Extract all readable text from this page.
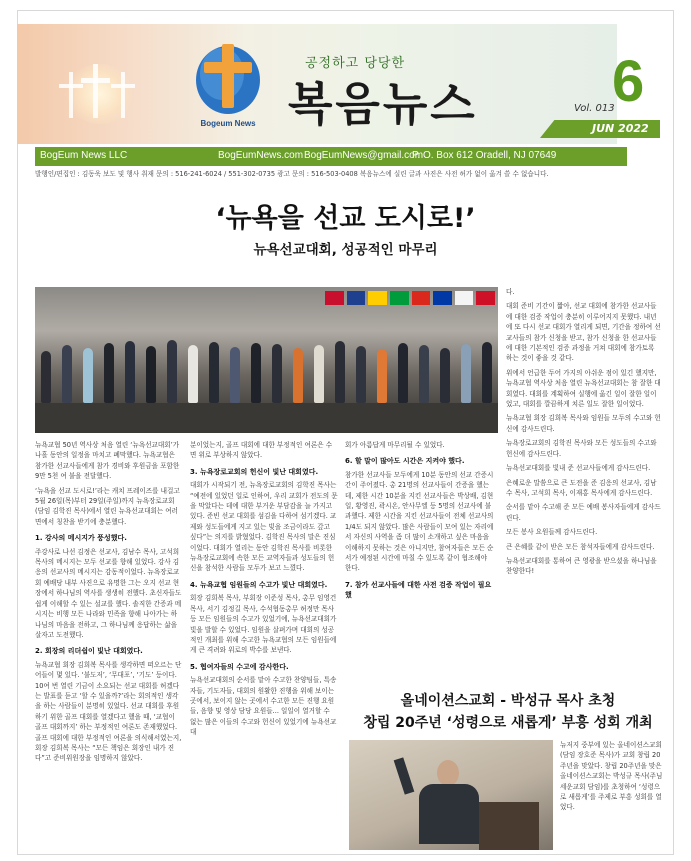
Bogeum News
공정하고 당당한
복음뉴스	Vol. 013
6
JUN 2022
BogEum News LLC	BogEumNews.com BogEumNews@gmail.com
P. O. Box 612 Oradell, NJ 07649
발행인/편집인 : 김동욱 보도 및 행사 취재 문의 : 516-241-6024 / 551-302-0735 광고 문의 : 516-503-0408 복음뉴스에 실린 글과 사진은 사전 허가 없이 옮겨 쓸 수 없습니다.
‘뉴욕을 선교 도시로!’
뉴욕선교대회, 성공적인 마무리

뉴욕교협 50년 역사상 처음 열린 ‘뉴욕선교대회’가 나흘 동안의 일정을 마치고 폐막했다. 뉴욕교협은 참가한 선교사들에게 참가 경비와 후원금을 포함한 9만 5천 여 불을 전달했다.

‘뉴욕을 선교 도시로!’라는 캐치 프레이즈를 내걸고 5월 26일(목)부터 29일(주일)까지 뉴욕장로교회(담임 김학진 목사)에서 열린 뉴욕선교대회는 여러 면에서 칭찬을 받기에 충분했다.

1. 강사의 메시지가 풍성했다.

주강사로 나선 김정은 선교사, 김남수 목사, 고석희 목사의 메시지는 모두 선교를 향해 있었다. 강사 김응의 선교사의 메시지는 감동적이었다. 뉴욕장로교회 예배당 내부 사진으로 유명한 그는 오지 선교 현장에서 하나님의 역사를 생생히 전했다. 초신자들도 쉽게 이해할 수 있는 설교를 했다. 솔직한 간증과 메시지는 비행 모든 나라와 민족을 향해 나아가는 하나님의 마음을 전하고, 그 하나님께 응답하는 삶을 살자고 도전했다.

2. 회장의 리더쉽이 빛난 대회였다.

뉴욕교협 회장 김희복 목사를 생각하면 떠오르는 단어들이 몇 있다. ‘불도저’, ‘무대포’, ‘기도’ 등이다. 10여 번 열린 기금이 소요되는 선교 대회를 허겠다는 발표를 듣고 ‘할 수 있을까?’라는 회의적인 생각을 하는 사람들이 분명히 있었다. 선교 대회를 후원하기 위한 골프 대회를 열겠다고 했을 때, ‘교협이 골프 대회까지’ 하는 부정적인 여론도 존재했었다. 골프 대회에 대한 부정적인 여론을 의식해서였는지, 회장 김희복 목사는 “모든 책임은 회장인 내가 진다”고 준비위원장을 임명하지 않았다.

분이었는지, 골프 대회에 대한 부정적인 여론은 수면 위로 부상하지 않았다.

3. 뉴욕장로교회의 헌신이 빛난 대회였다.

대회가 시작되기 전, 뉴욕장로교회의 김학진 목사는 “예전에 있었던 일로 인하여, 우리 교회가 전도의 문을 막았다는 데에 대한 부거운 부담감을 늘 가지고 있다. 준빈 선교 대회를 섬김을 다하여 섬기겠다. 교제와 성도들에게 지고 있는 빚을 조금이라도 갚고 싶다”는 의지를 밝혔었다. 김학진 목사의 말은 진심이었다. 대회가 열리는 동안 김학진 목사를 비롯한 뉴욕장로교회에 속한 모든 교역자들과 성도들의 헌신을 참석한 사람들 모두가 보고 느꼈다.

4. 뉴욕교협 임원들의 수고가 빛난 대회였다.

회장 김희복 목사, 부회장 이준성 목사, 총무 임영건 목사, 서기 김정길 목사, 수석협동총무 허정만 목사 등 모든 임원들의 수고가 있었기에, 뉴욕선교대회가 빛을 발할 수 있었다. 임원을 살펴가며 대회의 성공적인 개최를 위해 수고한 뉴욕교협의 모든 임원들에게 큰 격려와 위로의 박수를 보낸다.

5. 협여자들의 수고에 감사한다.

뉴욕선교대회의 순서를 맡아 수고한 찬양팀들, 특송자들, 기도자들, 대회의 원활한 진행을 위해 보이는 곳에서, 보이지 않는 곳에서 수고한 모든 진행 요원들, 음향 및 영상 담당 요원들... 일일이 열거할 수 없는 많은 이들의 수고와 헌신이 있었기에 뉴욕선교대

회가 아름답게 마무리될 수 있었다.

6. 할 말이 많아도 시간은 지켜야 했다.

참가한 선교사들 모두에게 10분 동안의 선교 간증시간이 주어졌다. 총 21명의 선교사들이 간증을 했는데, 제한 시간 10분을 지킨 선교사들은 박상배, 김현일, 황영진, 곽시온, 안사무엘 등 5명의 선교사에 불과했다. 제한 시간을 지킨 선교사들이 전체 선교사의 1/4도 되지 않았다. 많은 사람들이 모여 있는 자리에서 자신의 사역을 좀 더 많이 소개하고 싶은 마음을 이해하지 못하는 것은 아니지만, 참여자들은 모든 순서가 예정된 시간에 마칠 수 있도록 같이 협조해야 한다.

7. 참가 선교사들에 대한 사전 검증 작업이 필요했

다.

대회 준비 기간이 짧아, 선교 대회에 참가한 선교사들에 대한 검증 작업이 충분히 이루어지지 못했다. 내년에 또 다시 선교 대회가 열리게 되면, 기간을 정하여 선교사들의 참가 신청을 받고, 참가 신청을 한 선교사들에 대한 기본적인 검증 과정을 거쳐 대회에 참가토록 하는 것이 좋을 것 같다.

위에서 언급한 두어 가지의 아쉬운 점이 있긴 했지만, 뉴욕교협 역사상 처음 열린 뉴욕선교대회는 참 잘한 대회였다. 대회를 계획하여 실행에 옮긴 일이 잘한 일이었고, 대회를 깔끔하게 치른 일도 잘한 일이었다.

뉴욕교협 회장 김희복 목사와 임원들 모두의 수고와 헌신에 감사드린다.

뉴욕장로교회의 김학진 목사와 모든 성도들의 수고와 헌신에 감사드린다.

뉴욕선교대회를 빛내 준 선교사들에게 감사드린다.

은혜로운 말씀으로 큰 도전을 준 김응의 선교사, 김남수 목사, 고석희 목사, 이재홍 목사에게 감사드린다.

순서를 맡아 수고해 준 모든 예배 봉사자들에게 감사드린다.

모든 봉사 요원들께 감사드린다.

큰 은혜를 같이 받은 모든 참석자들에게 감사드린다.

뉴욕선교대회를 통하여 큰 영광을 받으셨을 하나님을 찬양한다!

올네이션스교회 - 박성규 목사 초청
창립 20주년 ‘성령으로 새롭게’ 부흥 성회 개최

뉴저지 중부에 있는 올네이션스교회(담임 장호준 목사)가 교회 창립 20주년을 맞았다. 창립 20주년을 맞은 올네이션스교회는 박성규 목사(주님세운교회 담임)를 초청하여 ‘성령으로 새롭게’를 주제로 부흥 성회를 열었다.
